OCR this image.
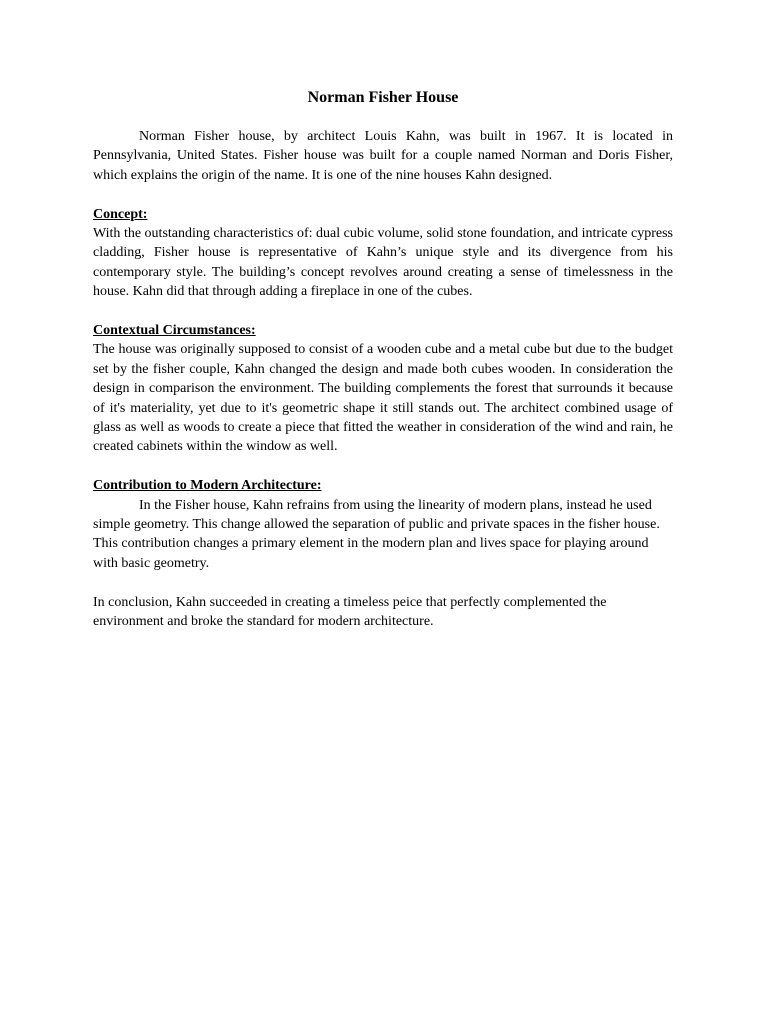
Norman Fisher House

Norman Fisher house, by architect Louis Kahn, was built in 1967. It is located in Pennsylvania, United States. Fisher house was built for a couple named Norman and Doris Fisher, which explains the origin of the name. It is one of the nine houses Kahn designed.

Concept:

With the outstanding characteristics of: dual cubic volume, solid stone foundation, and intricate cypress cladding, Fisher house is representative of Kahn’s unique style and its divergence from his contemporary style. The building’s concept revolves around creating a sense of timelessness in the house. Kahn did that through adding a fireplace in one of the cubes.

Contextual Circumstances:

The house was originally supposed to consist of a wooden cube and a metal cube but due to the budget set by the fisher couple, Kahn changed the design and made both cubes wooden. In consideration the design in comparison the environment. The building complements the forest that surrounds it because of it's materiality, yet due to it's geometric shape it still stands out. The architect combined usage of glass as well as woods to create a piece that fitted the weather in consideration of the wind and rain, he created cabinets within the window as well.

Contribution to Modern Architecture:

In the Fisher house, Kahn refrains from using the linearity of modern plans, instead he used simple geometry. This change allowed the separation of public and private spaces in the fisher house. This contribution changes a primary element in the modern plan and lives space for playing around with basic geometry.

In conclusion, Kahn succeeded in creating a timeless peice that perfectly complemented the environment and broke the standard for modern architecture.
